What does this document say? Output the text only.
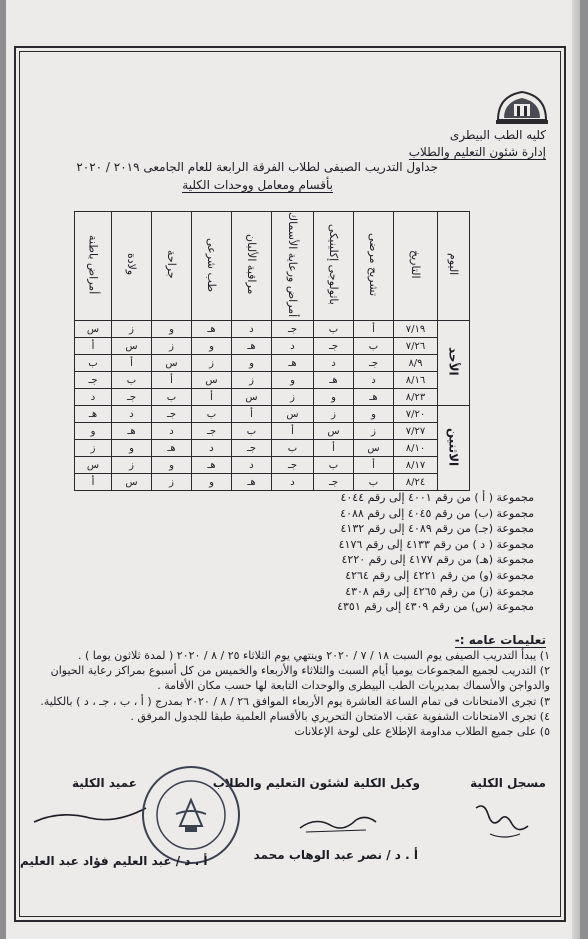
كليه الطب البيطرى
إدارة شئون التعليم والطلاب
جداول التدريب الصيفى لطلاب الفرقة الرابعة للعام الجامعى ٢٠١٩ / ٢٠٢٠
بأقسام ومعامل ووحدات الكلية
أمراض باطنة	ولادة	جراحة	طب شرعى	مراقبة الألبان	أمراض ورعاية الأسماك	باثولوجى إكلينيكى	تشريح مرضى	التاريخ	اليوم
س	ز	و	هـ	د	جـ	ب	أ	٧/١٩	الأحد
أ	س	ز	و	هـ	د	جـ	ب	٧/٢٦	
ب	أ	س	ز	و	هـ	د	جـ	٨/٩	
جـ	ب	أ	س	ز	و	هـ	د	٨/١٦	
د	جـ	ب	أ	س	ز	و	هـ	٨/٢٣	
هـ	د	جـ	ب	أ	س	ز	و	٧/٢٠	الاثنين
و	هـ	د	جـ	ب	أ	س	ز	٧/٢٧	
ز	و	هـ	د	جـ	ب	أ	س	٨/١٠	
س	ز	و	هـ	د	جـ	ب	أ	٨/١٧	
أ	س	ز	و	هـ	د	جـ	ب	٨/٢٤	
مجموعة ( أ ) من رقم ٤٠٠١ إلى رقم ٤٠٤٤
مجموعة (ب) من رقم ٤٠٤٥ إلى رقم ٤٠٨٨
مجموعة (جـ) من رقم ٤٠٨٩ إلى رقم ٤١٣٢
مجموعة ( د ) من رقم ٤١٣٣ إلى رقم ٤١٧٦
مجموعة (هـ) من رقم ٤١٧٧ إلى رقم ٤٢٢٠
مجموعة (و) من رقم ٤٢٢١ إلى رقم ٤٢٦٤
مجموعة (ز) من رقم ٤٢٦٥ إلى رقم ٤٣٠٨
مجموعة (س) من رقم ٤٣٠٩ إلى رقم ٤٣٥١
تعليمات عامه :-
١) يبدأ التدريب الصيفى يوم السبت ١٨ / ٧ / ٢٠٢٠ وينتهي يوم الثلاثاء ٢٥ / ٨ / ٢٠٢٠ ( لمدة ثلاثون يوما ) .
٢) التدريب لجميع المجموعات يوميا أيام السبت والثلاثاء والأربعاء والخميس من كل أسبوع بمراكز رعاية الحيوان والدواجن والأسماك بمديريات الطب البيطرى والوحدات التابعة لها حسب مكان الأقامة .
٣) تجرى الامتحانات فى تمام الساعة العاشرة يوم الأربعاء الموافق ٢٦ / ٨ / ٢٠٢٠ بمدرج ( أ ، ب ، جـ ، د ) بالكلية.
٤) تجرى الامتحانات الشفوية عقب الامتحان التحريري بالأقسام العلمية طبقا للجدول المرفق .
٥) على جميع الطلاب مداومة الإطلاع على لوحة الإعلانات
مسجل الكلية
وكيل الكلية لشئون التعليم والطلاب
عميد الكلية
أ . د / نصر عبد الوهاب محمد
أ . د / عبد العليم فؤاد عبد العليم
